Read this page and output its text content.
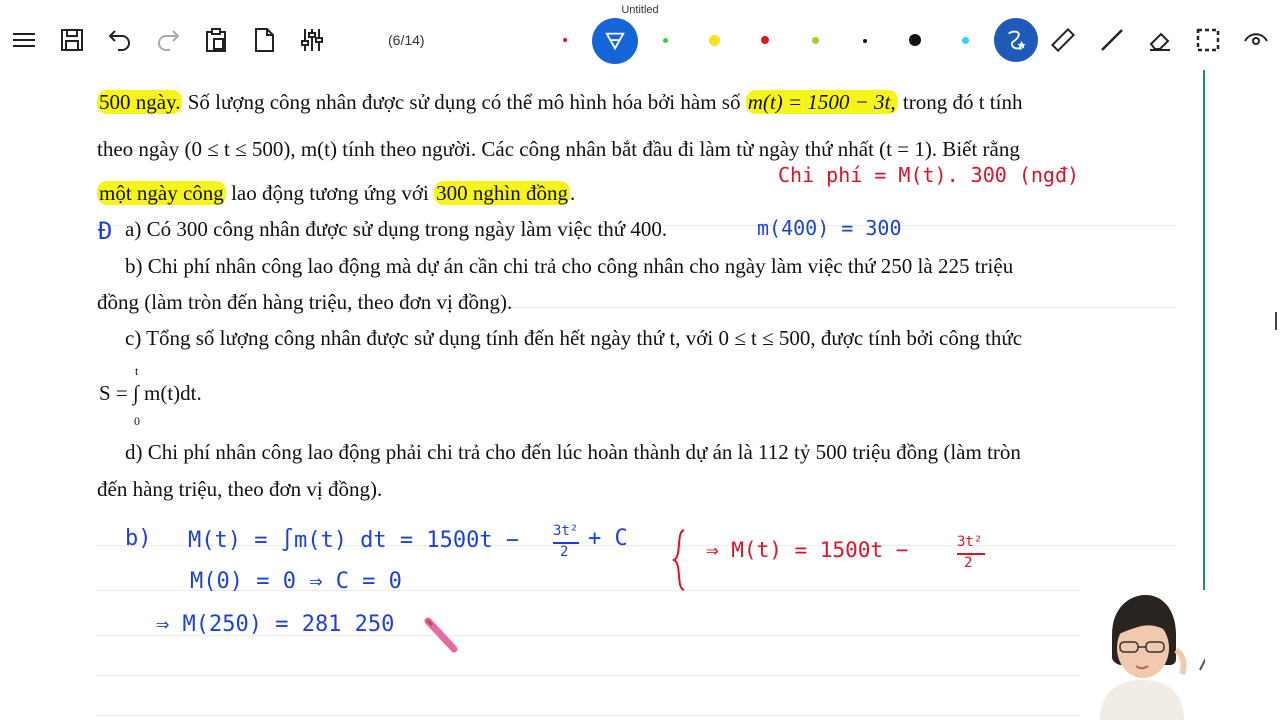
Untitled
(6/14)
500 ngày. Số lượng công nhân được sử dụng có thể mô hình hóa bởi hàm số m(t) = 1500 − 3t, trong đó t tính
theo ngày (0 ≤ t ≤ 500), m(t) tính theo người. Các công nhân bắt đầu đi làm từ ngày thứ nhất (t = 1). Biết rằng
một ngày công lao động tương ứng với 300 nghìn đồng.
Đ a) Có 300 công nhân được sử dụng trong ngày làm việc thứ 400.
b) Chi phí nhân công lao động mà dự án cần chi trả cho công nhân cho ngày làm việc thứ 250 là 225 triệu
đồng (làm tròn đến hàng triệu, theo đơn vị đồng).
c) Tổng số lượng công nhân được sử dụng tính đến hết ngày thứ t, với 0 ≤ t ≤ 500, được tính bởi công thức
S = ∫ m(t)dt.
t
0
d) Chi phí nhân công lao động phải chi trả cho đến lúc hoàn thành dự án là 112 tỷ 500 triệu đồng (làm tròn
đến hàng triệu, theo đơn vị đồng).
Chi phí = M(t). 300 (ngđ)
m(400) = 300
b) M(t) = ∫m(t) dt = 1500t − 3t²
2
+ C
M(0) = 0 ⇒ C = 0
⇒ M(t) = 1500t −	3t²
2
⇒ M(250) = 281 250
